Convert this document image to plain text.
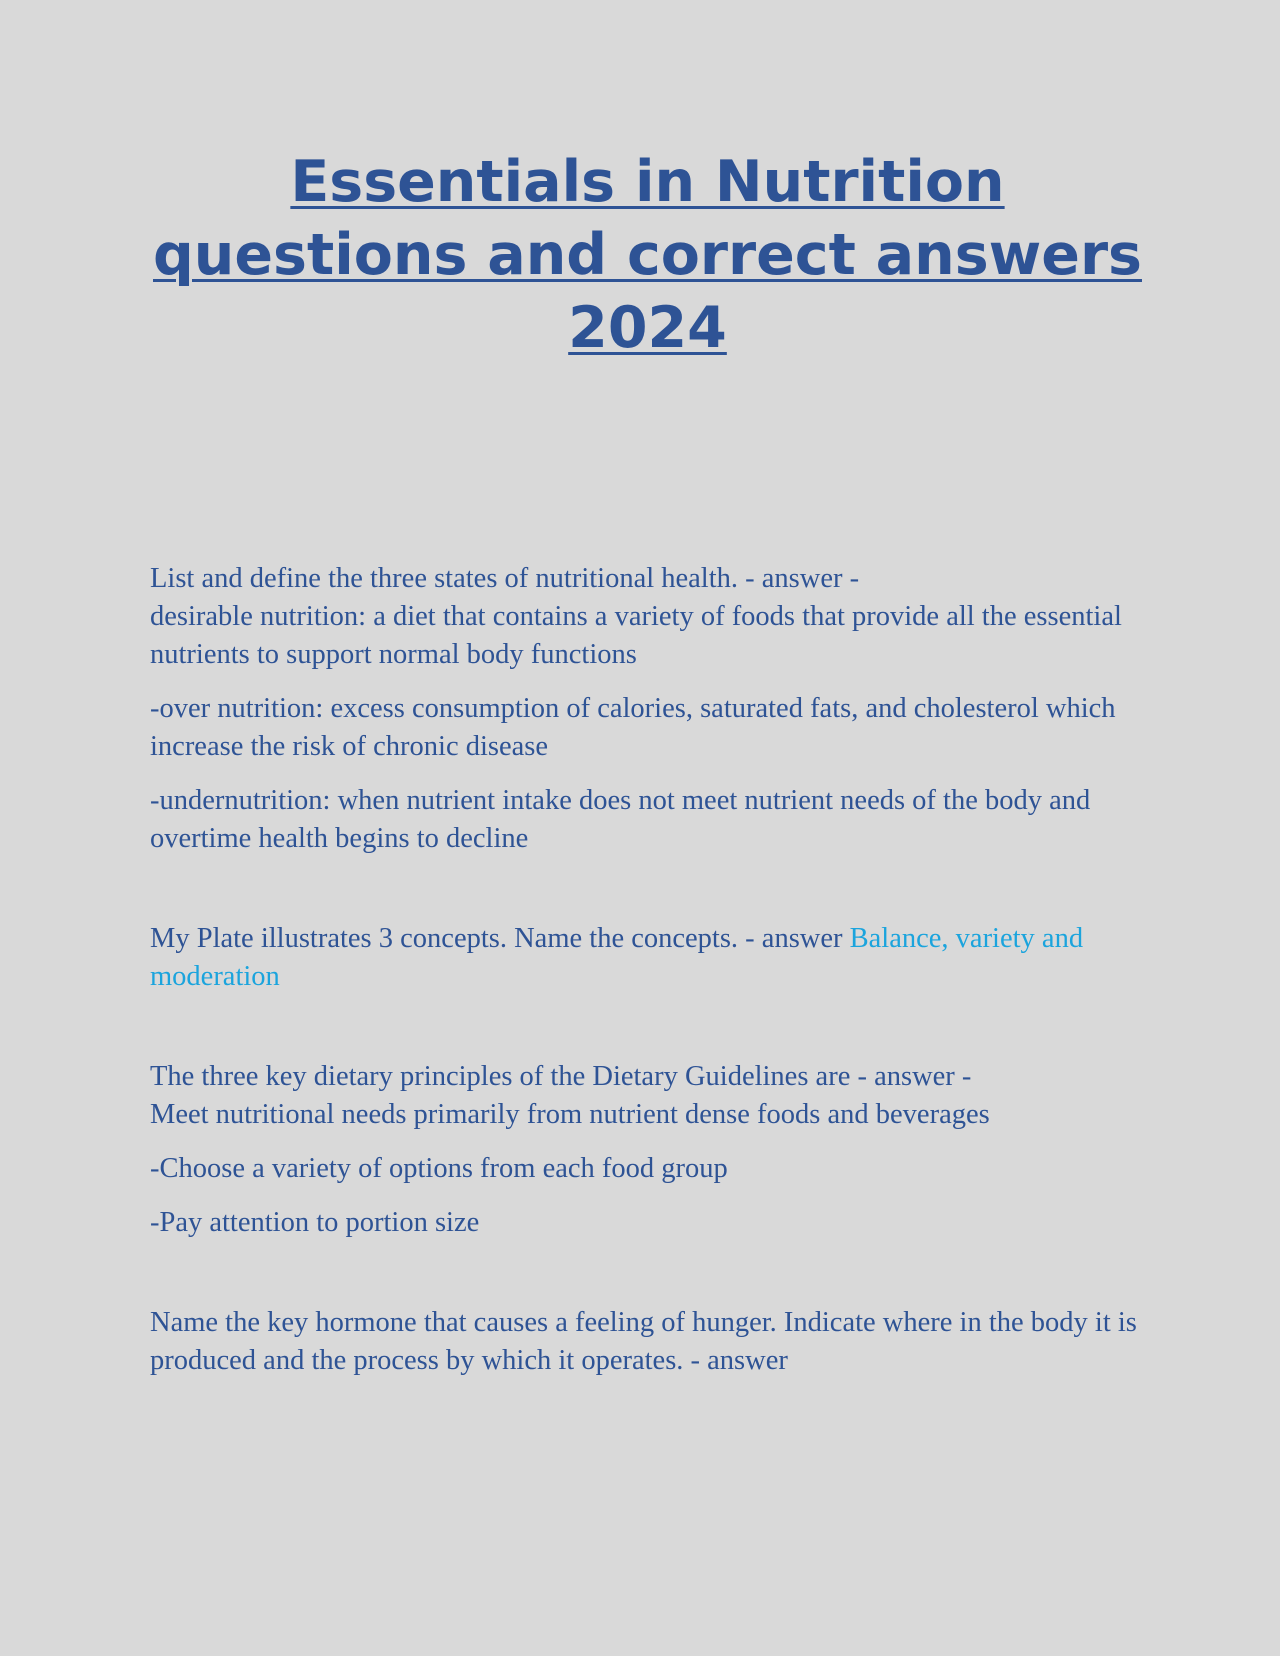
Essentials in Nutrition questions and correct answers 2024

List and define the three states of nutritional health. - answer -
desirable nutrition: a diet that contains a variety of foods that provide all the essential nutrients to support normal body functions

-over nutrition: excess consumption of calories, saturated fats, and cholesterol which increase the risk of chronic disease

-undernutrition: when nutrient intake does not meet nutrient needs of the body and overtime health begins to decline

My Plate illustrates 3 concepts. Name the concepts. - answer Balance, variety and moderation

The three key dietary principles of the Dietary Guidelines are - answer -
Meet nutritional needs primarily from nutrient dense foods and beverages

-Choose a variety of options from each food group

-Pay attention to portion size

Name the key hormone that causes a feeling of hunger. Indicate where in the body it is produced and the process by which it operates. - answer
